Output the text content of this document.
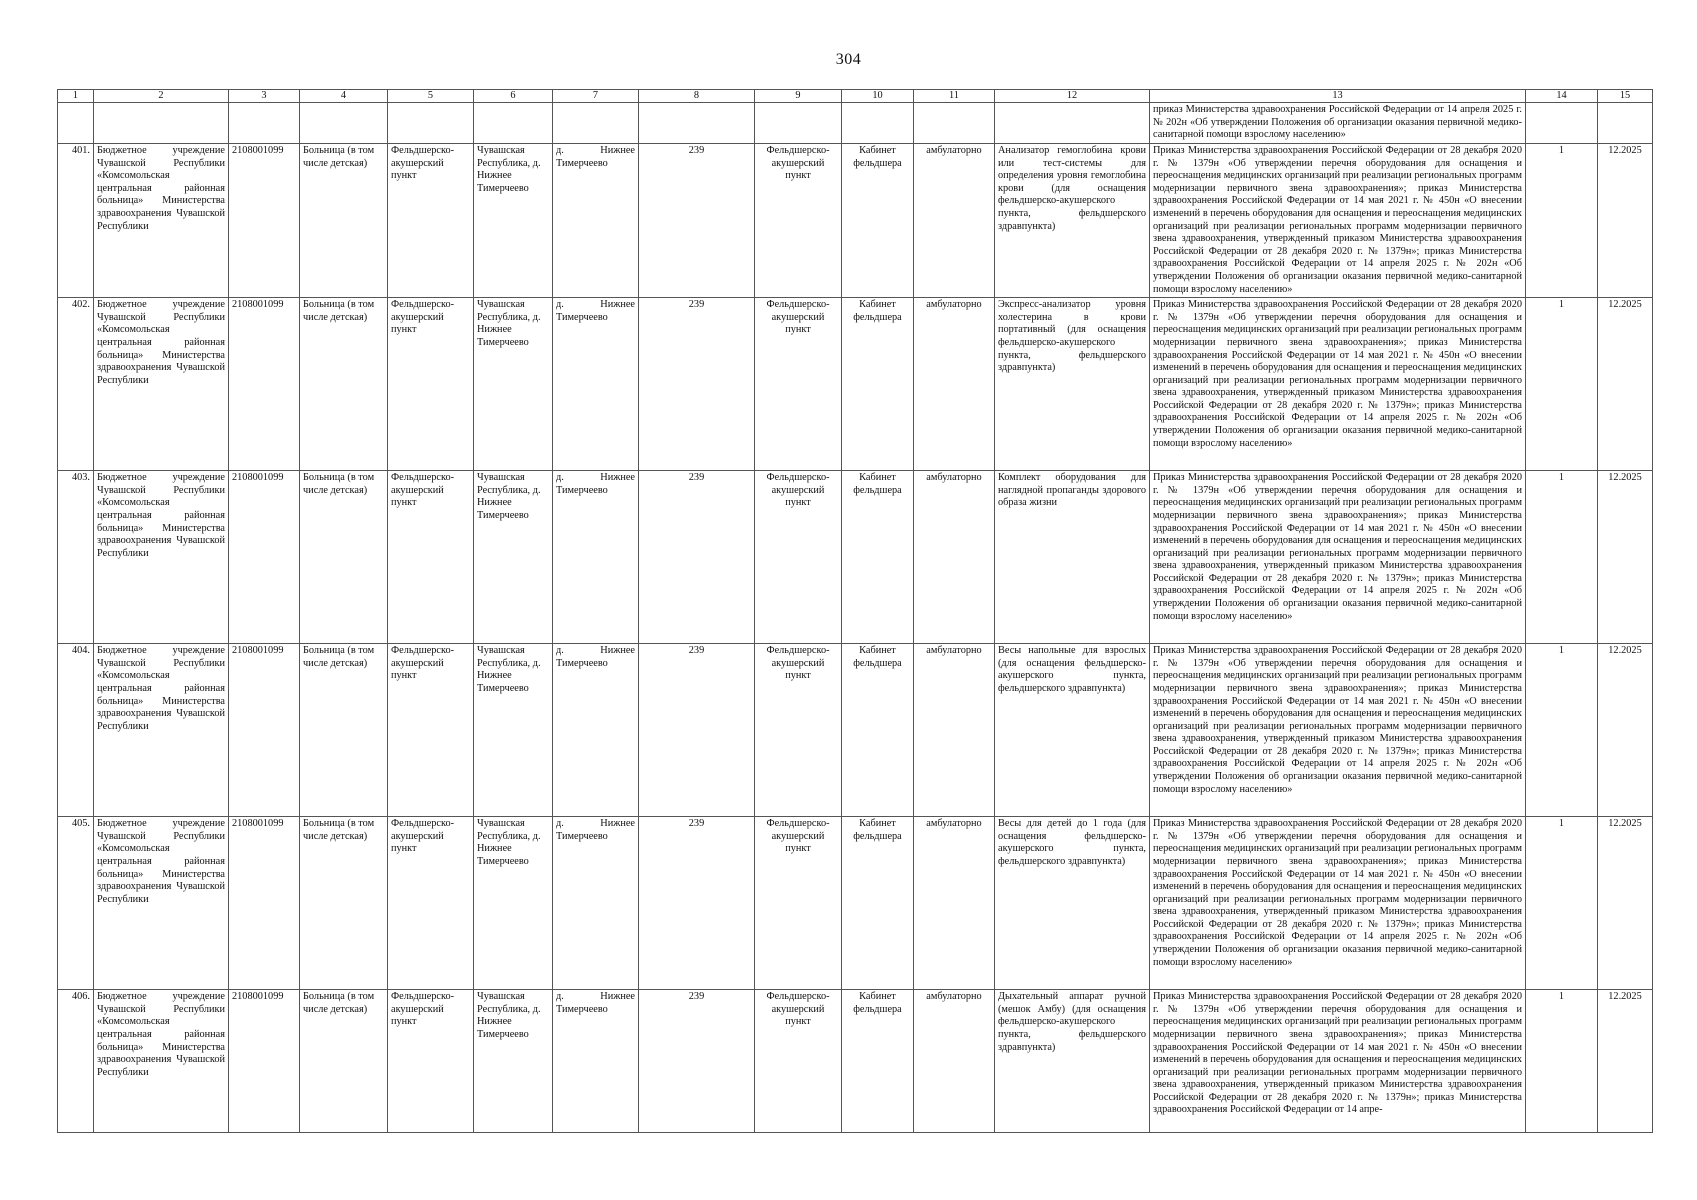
304
1	2	3	4	5	6	7	8	9	10	11	12	13	14	15
												приказ Министерства здравоохранения Российской Федерации от 14 апреля 2025 г. № 202н «Об утверждении Положения об организации оказания первичной медико-санитарной помощи взрослому населению»		
401.	Бюджетное учреждение Чувашской Республики «Комсомольская центральная районная больница» Министерства здравоохранения Чувашской Республики	2108001099	Больница (в том числе детская)	Фельдшерско-акушерский пункт	Чувашская Республика, д. Нижнее Тимерчеево	д. Нижнее Тимерчеево	239	Фельдшерско-акушерский пункт	Кабинет фельдшера	амбулаторно	Анализатор гемоглобина крови или тест-системы для определения уровня гемоглобина крови (для оснащения фельдшерско-акушерского пункта, фельдшерского здравпункта)	Приказ Министерства здравоохранения Российской Федерации от 28 декабря 2020 г. № 1379н «Об утверждении перечня оборудования для оснащения и переоснащения медицинских организаций при реализации региональных программ модернизации первичного звена здравоохранения»; приказ Министерства здравоохранения Российской Федерации от 14 мая 2021 г. № 450н «О внесении изменений в перечень оборудования для оснащения и переоснащения медицинских организаций при реализации региональных программ модернизации первичного звена здравоохранения, утвержденный приказом Министерства здравоохранения Российской Федерации от 28 декабря 2020 г. № 1379н»; приказ Министерства здравоохранения Российской Федерации от 14 апреля 2025 г. № 202н «Об утверждении Положения об организации оказания первичной медико-санитарной помощи взрослому населению»	1	12.2025
402.	Бюджетное учреждение Чувашской Республики «Комсомольская центральная районная больница» Министерства здравоохранения Чувашской Республики	2108001099	Больница (в том числе детская)	Фельдшерско-акушерский пункт	Чувашская Республика, д. Нижнее Тимерчеево	д. Нижнее Тимерчеево	239	Фельдшерско-акушерский пункт	Кабинет фельдшера	амбулаторно	Экспресс-анализатор уровня холестерина в крови портативный (для оснащения фельдшерско-акушерского пункта, фельдшерского здравпункта)	Приказ Министерства здравоохранения Российской Федерации от 28 декабря 2020 г. № 1379н «Об утверждении перечня оборудования для оснащения и переоснащения медицинских организаций при реализации региональных программ модернизации первичного звена здравоохранения»; приказ Министерства здравоохранения Российской Федерации от 14 мая 2021 г. № 450н «О внесении изменений в перечень оборудования для оснащения и переоснащения медицинских организаций при реализации региональных программ модернизации первичного звена здравоохранения, утвержденный приказом Министерства здравоохранения Российской Федерации от 28 декабря 2020 г. № 1379н»; приказ Министерства здравоохранения Российской Федерации от 14 апреля 2025 г. № 202н «Об утверждении Положения об организации оказания первичной медико-санитарной помощи взрослому населению»	1	12.2025
403.	Бюджетное учреждение Чувашской Республики «Комсомольская центральная районная больница» Министерства здравоохранения Чувашской Республики	2108001099	Больница (в том числе детская)	Фельдшерско-акушерский пункт	Чувашская Республика, д. Нижнее Тимерчеево	д. Нижнее Тимерчеево	239	Фельдшерско-акушерский пункт	Кабинет фельдшера	амбулаторно	Комплект оборудования для наглядной пропаганды здорового образа жизни	Приказ Министерства здравоохранения Российской Федерации от 28 декабря 2020 г. № 1379н «Об утверждении перечня оборудования для оснащения и переоснащения медицинских организаций при реализации региональных программ модернизации первичного звена здравоохранения»; приказ Министерства здравоохранения Российской Федерации от 14 мая 2021 г. № 450н «О внесении изменений в перечень оборудования для оснащения и переоснащения медицинских организаций при реализации региональных программ модернизации первичного звена здравоохранения, утвержденный приказом Министерства здравоохранения Российской Федерации от 28 декабря 2020 г. № 1379н»; приказ Министерства здравоохранения Российской Федерации от 14 апреля 2025 г. № 202н «Об утверждении Положения об организации оказания первичной медико-санитарной помощи взрослому населению»	1	12.2025
404.	Бюджетное учреждение Чувашской Республики «Комсомольская центральная районная больница» Министерства здравоохранения Чувашской Республики	2108001099	Больница (в том числе детская)	Фельдшерско-акушерский пункт	Чувашская Республика, д. Нижнее Тимерчеево	д. Нижнее Тимерчеево	239	Фельдшерско-акушерский пункт	Кабинет фельдшера	амбулаторно	Весы напольные для взрослых (для оснащения фельдшерско-акушерского пункта, фельдшерского здравпункта)	Приказ Министерства здравоохранения Российской Федерации от 28 декабря 2020 г. № 1379н «Об утверждении перечня оборудования для оснащения и переоснащения медицинских организаций при реализации региональных программ модернизации первичного звена здравоохранения»; приказ Министерства здравоохранения Российской Федерации от 14 мая 2021 г. № 450н «О внесении изменений в перечень оборудования для оснащения и переоснащения медицинских организаций при реализации региональных программ модернизации первичного звена здравоохранения, утвержденный приказом Министерства здравоохранения Российской Федерации от 28 декабря 2020 г. № 1379н»; приказ Министерства здравоохранения Российской Федерации от 14 апреля 2025 г. № 202н «Об утверждении Положения об организации оказания первичной медико-санитарной помощи взрослому населению»	1	12.2025
405.	Бюджетное учреждение Чувашской Республики «Комсомольская центральная районная больница» Министерства здравоохранения Чувашской Республики	2108001099	Больница (в том числе детская)	Фельдшерско-акушерский пункт	Чувашская Республика, д. Нижнее Тимерчеево	д. Нижнее Тимерчеево	239	Фельдшерско-акушерский пункт	Кабинет фельдшера	амбулаторно	Весы для детей до 1 года (для оснащения фельдшерско-акушерского пункта, фельдшерского здравпункта)	Приказ Министерства здравоохранения Российской Федерации от 28 декабря 2020 г. № 1379н «Об утверждении перечня оборудования для оснащения и переоснащения медицинских организаций при реализации региональных программ модернизации первичного звена здравоохранения»; приказ Министерства здравоохранения Российской Федерации от 14 мая 2021 г. № 450н «О внесении изменений в перечень оборудования для оснащения и переоснащения медицинских организаций при реализации региональных программ модернизации первичного звена здравоохранения, утвержденный приказом Министерства здравоохранения Российской Федерации от 28 декабря 2020 г. № 1379н»; приказ Министерства здравоохранения Российской Федерации от 14 апреля 2025 г. № 202н «Об утверждении Положения об организации оказания первичной медико-санитарной помощи взрослому населению»	1	12.2025
406.	Бюджетное учреждение Чувашской Республики «Комсомольская центральная районная больница» Министерства здравоохранения Чувашской Республики	2108001099	Больница (в том числе детская)	Фельдшерско-акушерский пункт	Чувашская Республика, д. Нижнее Тимерчеево	д. Нижнее Тимерчеево	239	Фельдшерско-акушерский пункт	Кабинет фельдшера	амбулаторно	Дыхательный аппарат ручной (мешок Амбу) (для оснащения фельдшерско-акушерского пункта, фельдшерского здравпункта)	Приказ Министерства здравоохранения Российской Федерации от 28 декабря 2020 г. № 1379н «Об утверждении перечня оборудования для оснащения и переоснащения медицинских организаций при реализации региональных программ модернизации первичного звена здравоохранения»; приказ Министерства здравоохранения Российской Федерации от 14 мая 2021 г. № 450н «О внесении изменений в перечень оборудования для оснащения и переоснащения медицинских организаций при реализации региональных программ модернизации первичного звена здравоохранения, утвержденный приказом Министерства здравоохранения Российской Федерации от 28 декабря 2020 г. № 1379н»; приказ Министерства здравоохранения Российской Федерации от 14 апре-	1	12.2025
